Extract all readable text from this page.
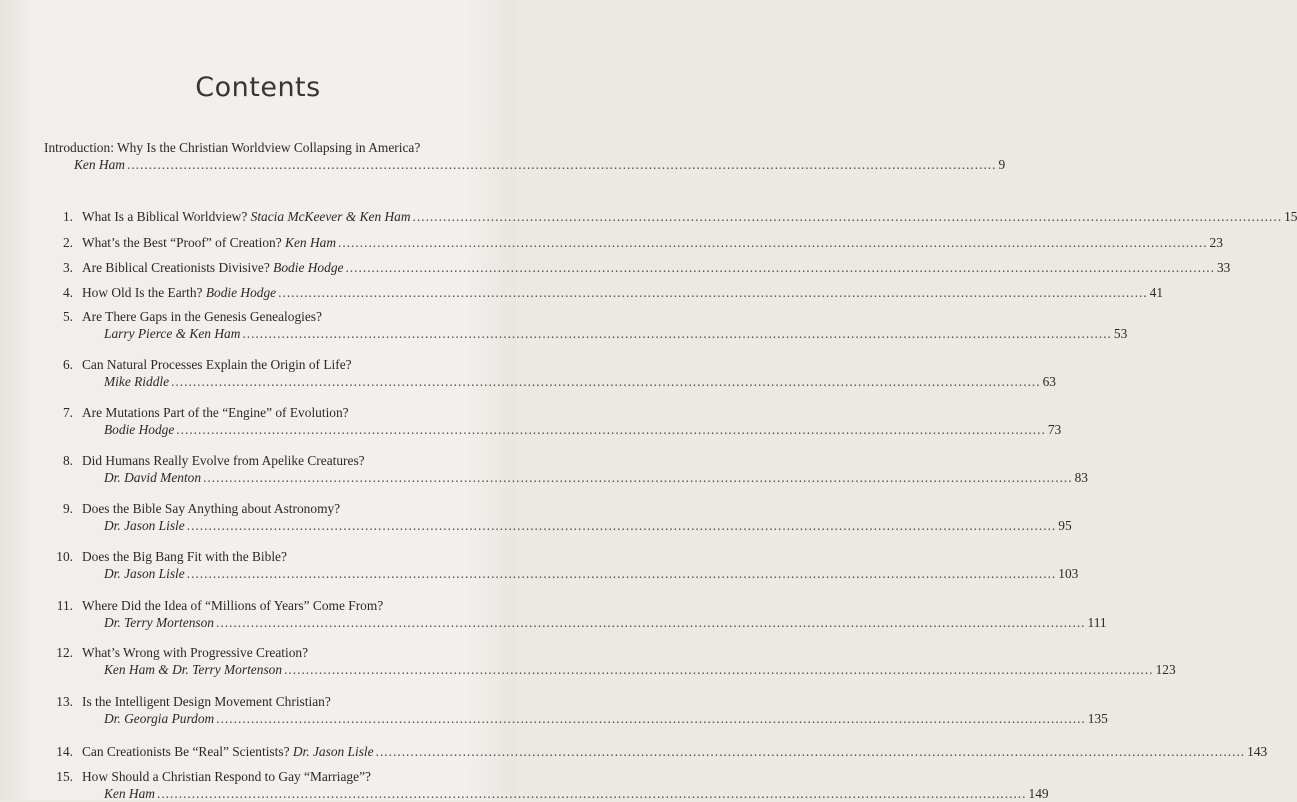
Contents
Introduction: Why Is the Christian Worldview Collapsing in America?
Ken Ham ........................................................................................................................................................................................................ 9
1. What Is a Biblical Worldview? Stacia McKeever & Ken Ham ........................................................................................................................................................................................................ 15
2. What’s the Best “Proof” of Creation? Ken Ham ........................................................................................................................................................................................................ 23
3. Are Biblical Creationists Divisive? Bodie Hodge ........................................................................................................................................................................................................ 33
4. How Old Is the Earth? Bodie Hodge ........................................................................................................................................................................................................ 41
5. Are There Gaps in the Genesis Genealogies?
Larry Pierce & Ken Ham ........................................................................................................................................................................................................ 53
6. Can Natural Processes Explain the Origin of Life?
Mike Riddle ........................................................................................................................................................................................................ 63
7. Are Mutations Part of the “Engine” of Evolution?
Bodie Hodge ........................................................................................................................................................................................................ 73
8. Did Humans Really Evolve from Apelike Creatures?
Dr. David Menton ........................................................................................................................................................................................................ 83
9. Does the Bible Say Anything about Astronomy?
Dr. Jason Lisle ........................................................................................................................................................................................................ 95
10. Does the Big Bang Fit with the Bible?
Dr. Jason Lisle ........................................................................................................................................................................................................ 103
11. Where Did the Idea of “Millions of Years” Come From?
Dr. Terry Mortenson ........................................................................................................................................................................................................ 111
12. What’s Wrong with Progressive Creation?
Ken Ham & Dr. Terry Mortenson ........................................................................................................................................................................................................ 123
13. Is the Intelligent Design Movement Christian?
Dr. Georgia Purdom ........................................................................................................................................................................................................ 135
14. Can Creationists Be “Real” Scientists? Dr. Jason Lisle ........................................................................................................................................................................................................ 143
15. How Should a Christian Respond to Gay “Marriage”?
Ken Ham ........................................................................................................................................................................................................ 149
